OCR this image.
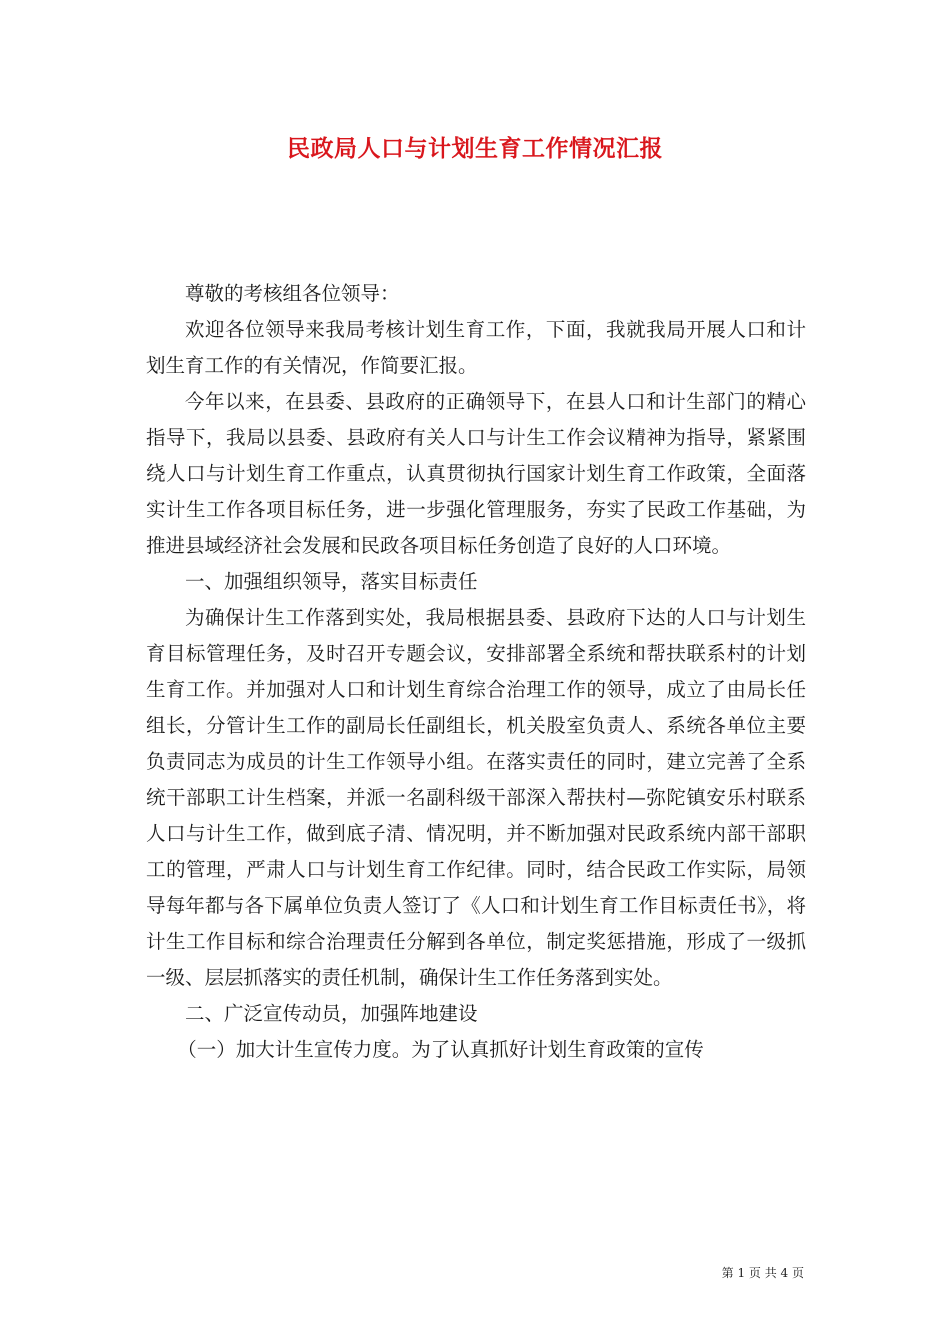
民政局人口与计划生育工作情况汇报

尊敬的考核组各位领导：

欢迎各位领导来我局考核计划生育工作，下面，我就我局开展人口和计划生育工作的有关情况，作简要汇报。

今年以来，在县委、县政府的正确领导下，在县人口和计生部门的精心指导下，我局以县委、县政府有关人口与计生工作会议精神为指导，紧紧围绕人口与计划生育工作重点，认真贯彻执行国家计划生育工作政策，全面落实计生工作各项目标任务，进一步强化管理服务，夯实了民政工作基础，为推进县域经济社会发展和民政各项目标任务创造了良好的人口环境。

一、加强组织领导，落实目标责任

为确保计生工作落到实处，我局根据县委、县政府下达的人口与计划生育目标管理任务，及时召开专题会议，安排部署全系统和帮扶联系村的计划生育工作。并加强对人口和计划生育综合治理工作的领导，成立了由局长任组长，分管计生工作的副局长任副组长，机关股室负责人、系统各单位主要负责同志为成员的计生工作领导小组。在落实责任的同时，建立完善了全系统干部职工计生档案，并派一名副科级干部深入帮扶村—弥陀镇安乐村联系人口与计生工作，做到底子清、情况明，并不断加强对民政系统内部干部职工的管理，严肃人口与计划生育工作纪律。同时，结合民政工作实际，局领导每年都与各下属单位负责人签订了《人口和计划生育工作目标责任书》，将计生工作目标和综合治理责任分解到各单位，制定奖惩措施，形成了一级抓一级、层层抓落实的责任机制，确保计生工作任务落到实处。

二、广泛宣传动员，加强阵地建设

（一）加大计生宣传力度。为了认真抓好计划生育政策的宣传

第 1 页 共 4 页
